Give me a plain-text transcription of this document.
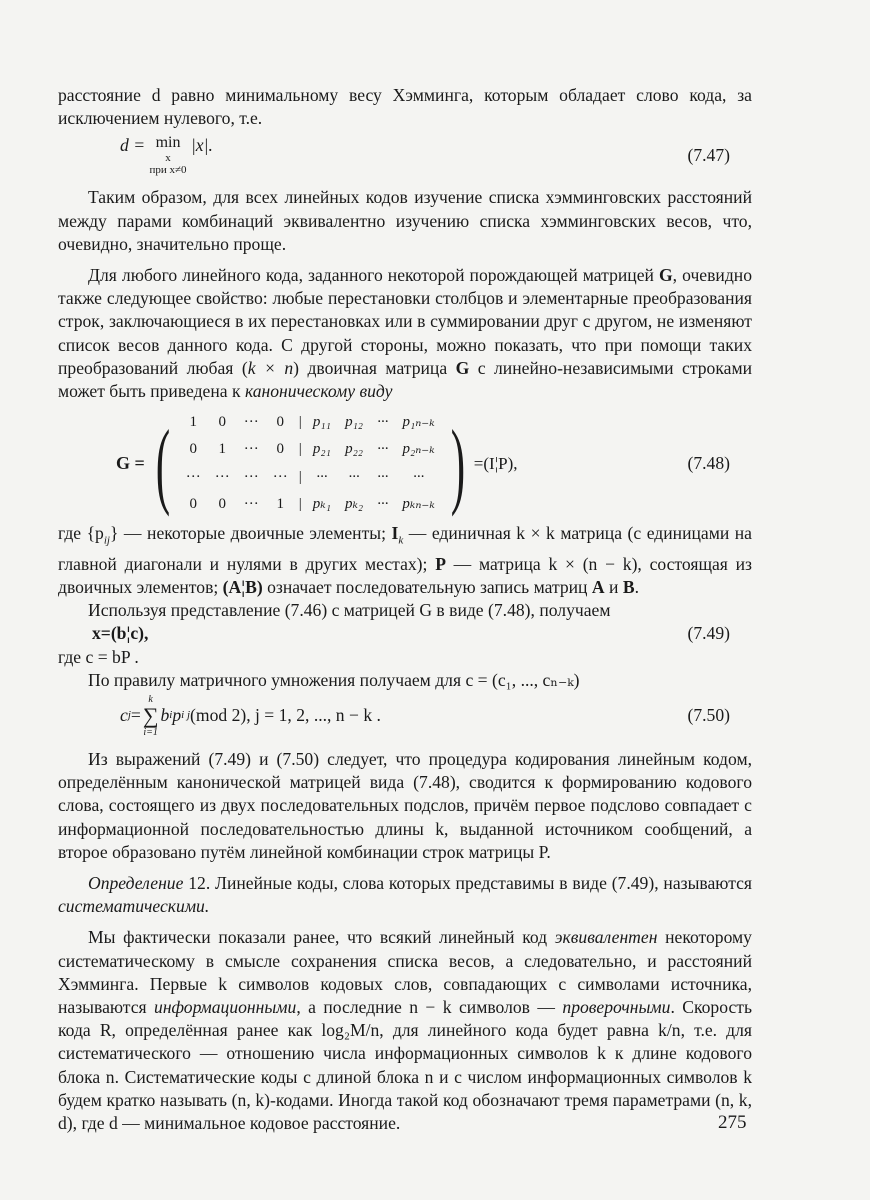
расстояние d равно минимальному весу Хэмминга, которым обладает слово кода, за исключением нулевого, т.е.

d = min
x
при x≠0
|x|.	(7.47)

Таким образом, для всех линейных кодов изучение списка хэмминговских расстояний между парами комбинаций эквивалентно изучению списка хэмминговских весов, что, очевидно, значительно проще.

Для любого линейного кода, заданного некоторой порождающей матрицей G, очевидно также следующее свойство: любые перестановки столбцов и элементарные преобразования строк, заключающиеся в их перестановках или в суммировании друг с другом, не изменяют список весов данного кода. С другой стороны, можно показать, что при помощи таких преобразований любая (k × n) двоичная матрица G с линейно-независимыми строками может быть приведена к каноническому виду

G = ( 1	0	···	0	|	p₁₁	p₁₂	···	p₁ₙ₋ₖ
0	1	···	0	|	p₂₁	p₂₂	···	p₂ₙ₋ₖ
···	···	···	···	|	···	···	···	···
0	0	···	1	|	pₖ₁	pₖ₂	···	pₖₙ₋ₖ ) =(I¦P),	(7.48)

где $\{p_{ij}\}$ — некоторые двоичные элементы; $I_k$ — единичная k × k матрица (с единицами на главной диагонали и нулями в других местах); P — матрица k × (n − k), состоящая из двоичных элементов; (A¦B) означает последовательную запись матриц A и B.

Используя представление (7.46) с матрицей G в виде (7.48), получаем

x=(b¦c),	(7.49)

где c = bP .

По правилу матричного умножения получаем для c = (c₁, ..., cₙ₋ₖ)

c j =
k
∑
i=1
b i p i j (mod 2), j = 1, 2, ..., n − k .	(7.50)

Из выражений (7.49) и (7.50) следует, что процедура кодирования линейным кодом, определённым канонической матрицей вида (7.48), сводится к формированию кодового слова, состоящего из двух последовательных подслов, причём первое подслово совпадает с информационной последовательностью длины k, выданной источником сообщений, а второе образовано путём линейной комбинации строк матрицы P.

Определение 12. Линейные коды, слова которых представимы в виде (7.49), называются систематическими.

Мы фактически показали ранее, что всякий линейный код эквивалентен некоторому систематическому в смысле сохранения списка весов, а следовательно, и расстояний Хэмминга. Первые k символов кодовых слов, совпадающих с символами источника, называются информационными, а последние n − k символов — проверочными. Скорость кода R, определённая ранее как log₂M/n, для линейного кода будет равна k/n, т.е. для систематического — отношению числа информационных символов k к длине кодового блока n. Систематические коды с длиной блока n и с числом информационных символов k будем кратко называть (n, k)-кодами. Иногда такой код обозначают тремя параметрами (n, k, d), где d — минимальное кодовое расстояние.	275
